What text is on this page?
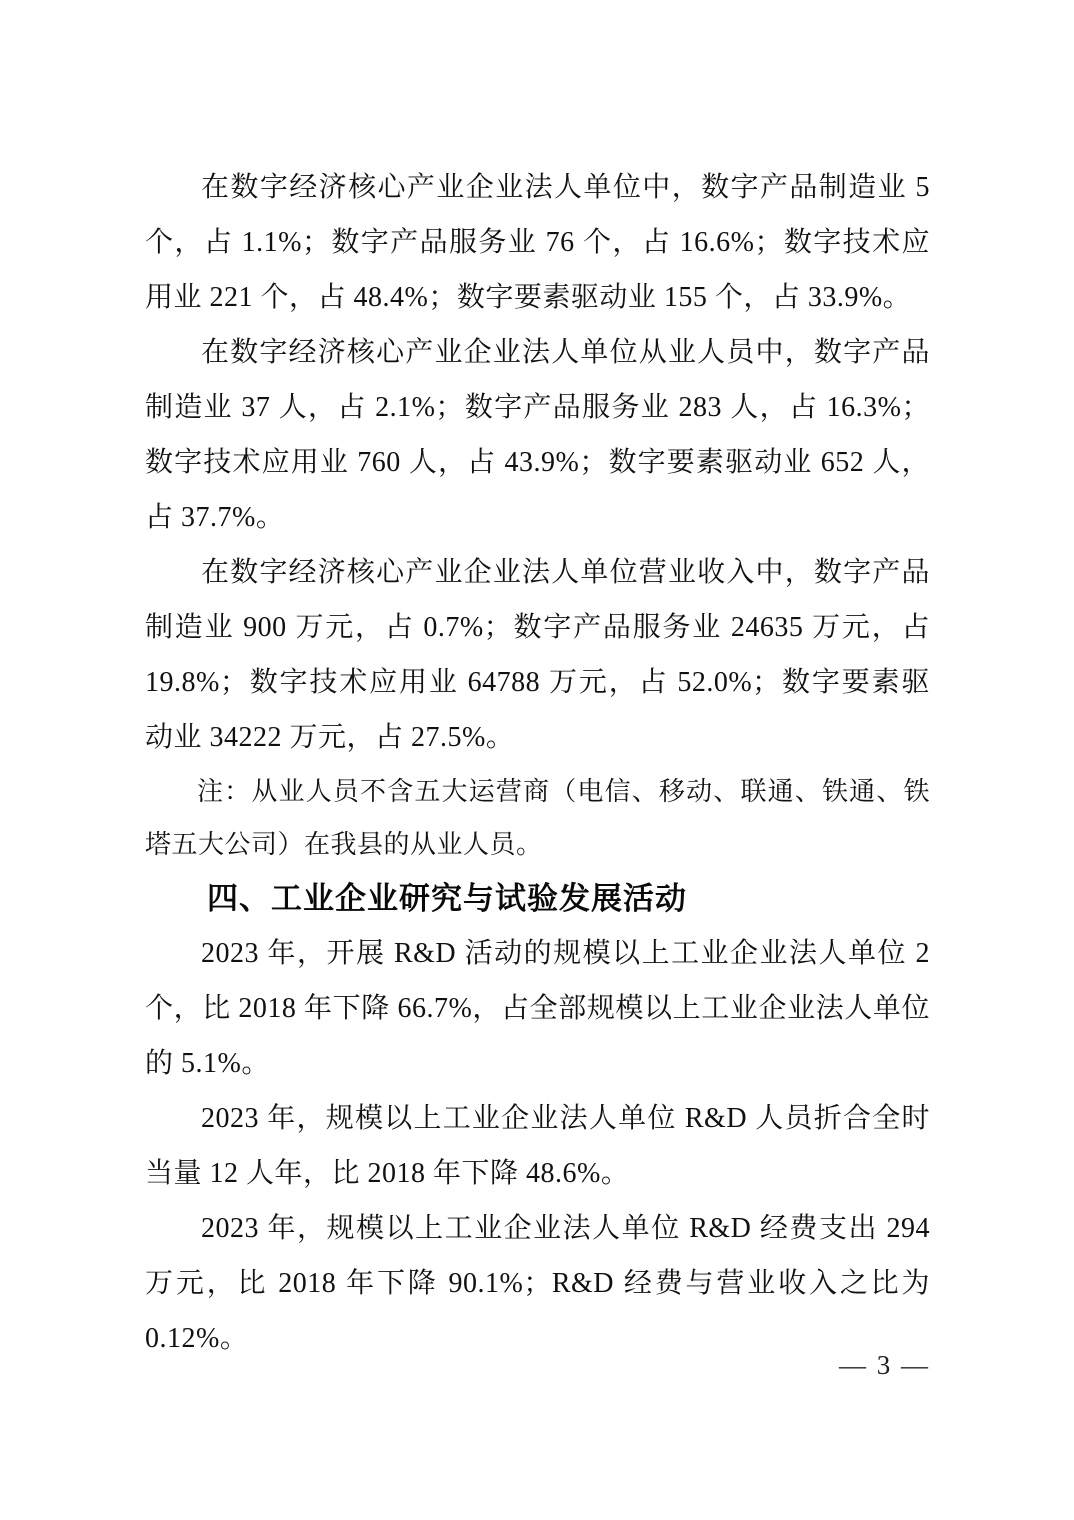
在数字经济核心产业企业法人单位中，数字产品制造业 5 个，占 1.1%；数字产品服务业 76 个，占 16.6%；数字技术应用业 221 个，占 48.4%；数字要素驱动业 155 个，占 33.9%。

在数字经济核心产业企业法人单位从业人员中，数字产品制造业 37 人，占 2.1%；数字产品服务业 283 人，占 16.3%；数字技术应用业 760 人，占 43.9%；数字要素驱动业 652 人，占 37.7%。

在数字经济核心产业企业法人单位营业收入中，数字产品制造业 900 万元，占 0.7%；数字产品服务业 24635 万元，占 19.8%；数字技术应用业 64788 万元，占 52.0%；数字要素驱动业 34222 万元，占 27.5%。

注：从业人员不含五大运营商（电信、移动、联通、铁通、铁塔五大公司）在我县的从业人员。

四、工业企业研究与试验发展活动

2023 年，开展 R&D 活动的规模以上工业企业法人单位 2 个，比 2018 年下降 66.7%，占全部规模以上工业企业法人单位的 5.1%。

2023 年，规模以上工业企业法人单位 R&D 人员折合全时当量 12 人年，比 2018 年下降 48.6%。

2023 年，规模以上工业企业法人单位 R&D 经费支出 294 万元，比 2018 年下降 90.1%；R&D 经费与营业收入之比为 0.12%。

— 3 —
